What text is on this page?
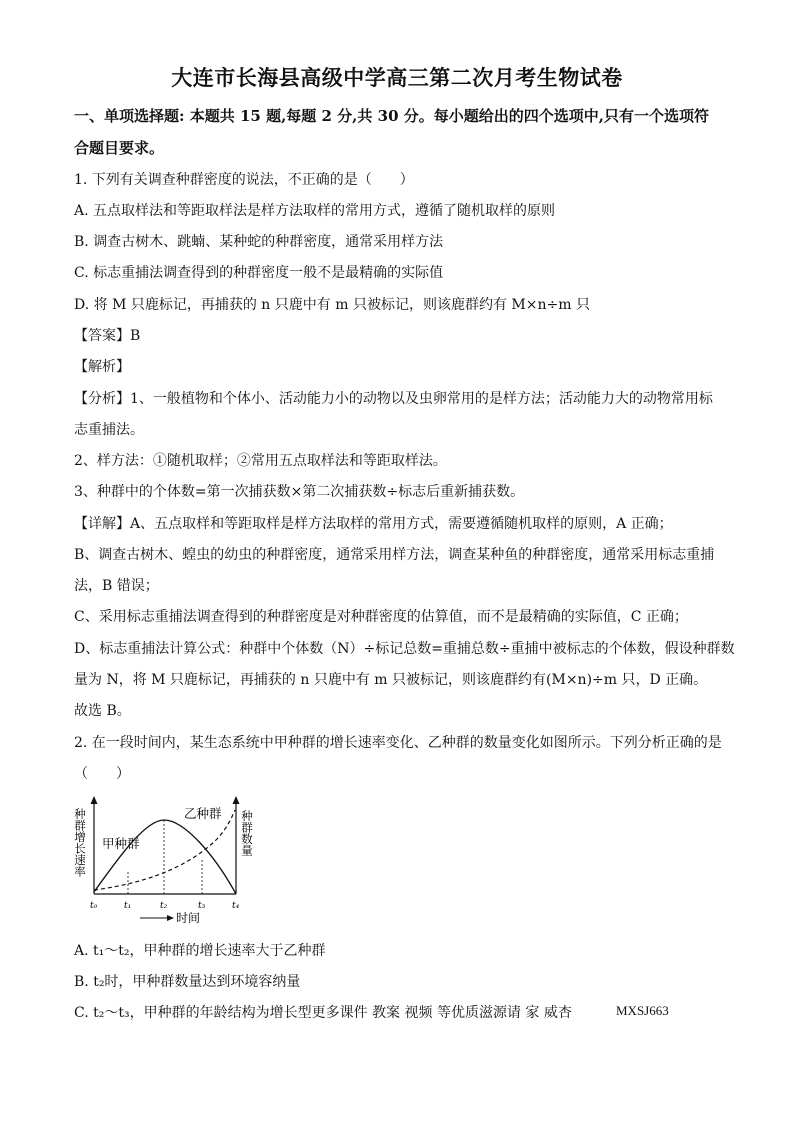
大连市长海县高级中学高三第二次月考生物试卷
一、单项选择题: 本题共 15 题,每题 2 分,共 30 分。每小题给出的四个选项中,只有一个选项符
合题目要求。
1. 下列有关调查种群密度的说法，不正确的是（　　）
A. 五点取样法和等距取样法是样方法取样的常用方式，遵循了随机取样的原则
B. 调查古树木、跳蝻、某种蛇的种群密度，通常采用样方法
C. 标志重捕法调查得到的种群密度一般不是最精确的实际值
D. 将 M 只鹿标记，再捕获的 n 只鹿中有 m 只被标记，则该鹿群约有 M×n÷m 只
【答案】B
【解析】
【分析】1、一般植物和个体小、活动能力小的动物以及虫卵常用的是样方法；活动能力大的动物常用标
志重捕法。
2、样方法：①随机取样；②常用五点取样法和等距取样法。
3、种群中的个体数=第一次捕获数×第二次捕获数÷标志后重新捕获数。
【详解】A、五点取样和等距取样是样方法取样的常用方式，需要遵循随机取样的原则，A 正确；
B、调查古树木、蝗虫的幼虫的种群密度，通常采用样方法，调查某种鱼的种群密度，通常采用标志重捕
法，B 错误；
C、采用标志重捕法调查得到的种群密度是对种群密度的估算值，而不是最精确的实际值，C 正确；
D、标志重捕法计算公式：种群中个体数（N）÷标记总数=重捕总数÷重捕中被标志的个体数，假设种群数
量为 N，将 M 只鹿标记，再捕获的 n 只鹿中有 m 只被标记，则该鹿群约有(M×n)÷m 只，D 正确。
故选 B。
2. 在一段时间内，某生态系统中甲种群的增长速率变化、乙种群的数量变化如图所示。下列分析正确的是
（　　）
种群增长速率	种群数量
甲种群
乙种群
t₀	t₁	t₂	t₃	t₄
时间
A. t₁～t₂，甲种群的增长速率大于乙种群
B. t₂时，甲种群数量达到环境容纳量
C. t₂～t₃，甲种群的年龄结构为增长型更多课件 教案 视频 等优质滋源请 家 威杏	MXSJ663
